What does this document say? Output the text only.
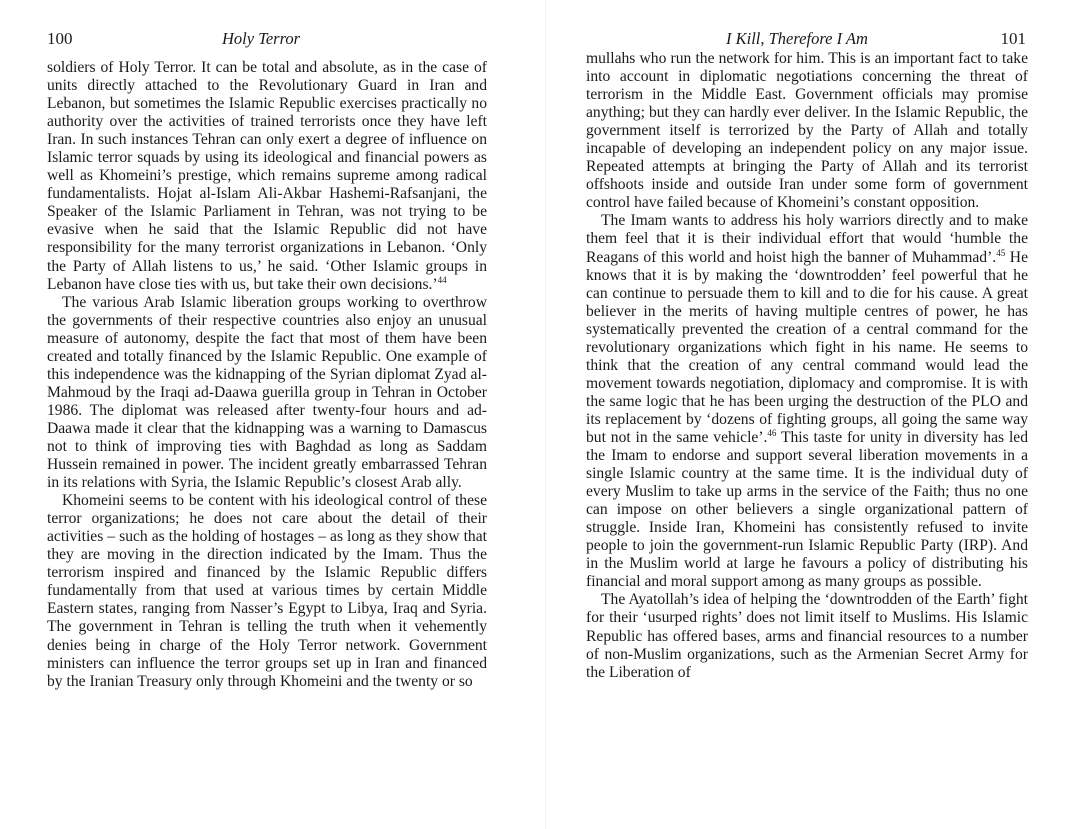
100	Holy Terror

soldiers of Holy Terror. It can be total and absolute, as in the case of units directly attached to the Revolutionary Guard in Iran and Lebanon, but sometimes the Islamic Republic exercises practically no authority over the activities of trained terrorists once they have left Iran. In such instances Tehran can only exert a degree of influence on Islamic terror squads by using its ideological and financial powers as well as Khomeini’s prestige, which remains supreme among radical fundamentalists. Hojat al-Islam Ali-Akbar Hashemi-Rafsanjani, the Speaker of the Islamic Parliament in Tehran, was not trying to be evasive when he said that the Islamic Republic did not have responsibility for the many terrorist organizations in Lebanon. ‘Only the Party of Allah listens to us,’ he said. ‘Other Islamic groups in Lebanon have close ties with us, but take their own decisions.’$^{44}$

The various Arab Islamic liberation groups working to overthrow the governments of their respective countries also enjoy an unusual measure of autonomy, despite the fact that most of them have been created and totally financed by the Islamic Republic. One example of this independence was the kidnapping of the Syrian diplomat Zyad al-Mahmoud by the Iraqi ad-Daawa guerilla group in Tehran in October 1986. The diplomat was released after twenty-four hours and ad-Daawa made it clear that the kidnapping was a warning to Damascus not to think of improving ties with Baghdad as long as Saddam Hussein remained in power. The incident greatly embarrassed Tehran in its relations with Syria, the Islamic Republic’s closest Arab ally.

Khomeini seems to be content with his ideological control of these terror organizations; he does not care about the detail of their activities – such as the holding of hostages – as long as they show that they are moving in the direction indicated by the Imam. Thus the terrorism inspired and financed by the Islamic Republic differs fundamentally from that used at various times by certain Middle Eastern states, ranging from Nasser’s Egypt to Libya, Iraq and Syria. The government in Tehran is telling the truth when it vehemently denies being in charge of the Holy Terror network. Government ministers can influence the terror groups set up in Iran and financed by the Iranian Treasury only through Khomeini and the twenty or so

I Kill, Therefore I Am	101

mullahs who run the network for him. This is an important fact to take into account in diplomatic negotiations concerning the threat of terrorism in the Middle East. Government officials may promise anything; but they can hardly ever deliver. In the Islamic Republic, the government itself is terrorized by the Party of Allah and totally incapable of developing an independent policy on any major issue. Repeated attempts at bringing the Party of Allah and its terrorist offshoots inside and outside Iran under some form of government control have failed because of Khomeini’s constant opposition.

The Imam wants to address his holy warriors directly and to make them feel that it is their individual effort that would ‘humble the Reagans of this world and hoist high the banner of Muhammad’.$^{45}$ He knows that it is by making the ‘downtrodden’ feel powerful that he can continue to persuade them to kill and to die for his cause. A great believer in the merits of having multiple centres of power, he has systematically prevented the creation of a central command for the revolutionary organizations which fight in his name. He seems to think that the creation of any central command would lead the movement towards negotiation, diplomacy and compromise. It is with the same logic that he has been urging the destruction of the PLO and its replacement by ‘dozens of fighting groups, all going the same way but not in the same vehicle’.$^{46}$ This taste for unity in diversity has led the Imam to endorse and support several liberation movements in a single Islamic country at the same time. It is the individual duty of every Muslim to take up arms in the service of the Faith; thus no one can impose on other believers a single organizational pattern of struggle. Inside Iran, Khomeini has consistently refused to invite people to join the government-run Islamic Republic Party (IRP). And in the Muslim world at large he favours a policy of distributing his financial and moral support among as many groups as possible.

The Ayatollah’s idea of helping the ‘downtrodden of the Earth’ fight for their ‘usurped rights’ does not limit itself to Muslims. His Islamic Republic has offered bases, arms and financial resources to a number of non-Muslim organizations, such as the Armenian Secret Army for the Liberation of
